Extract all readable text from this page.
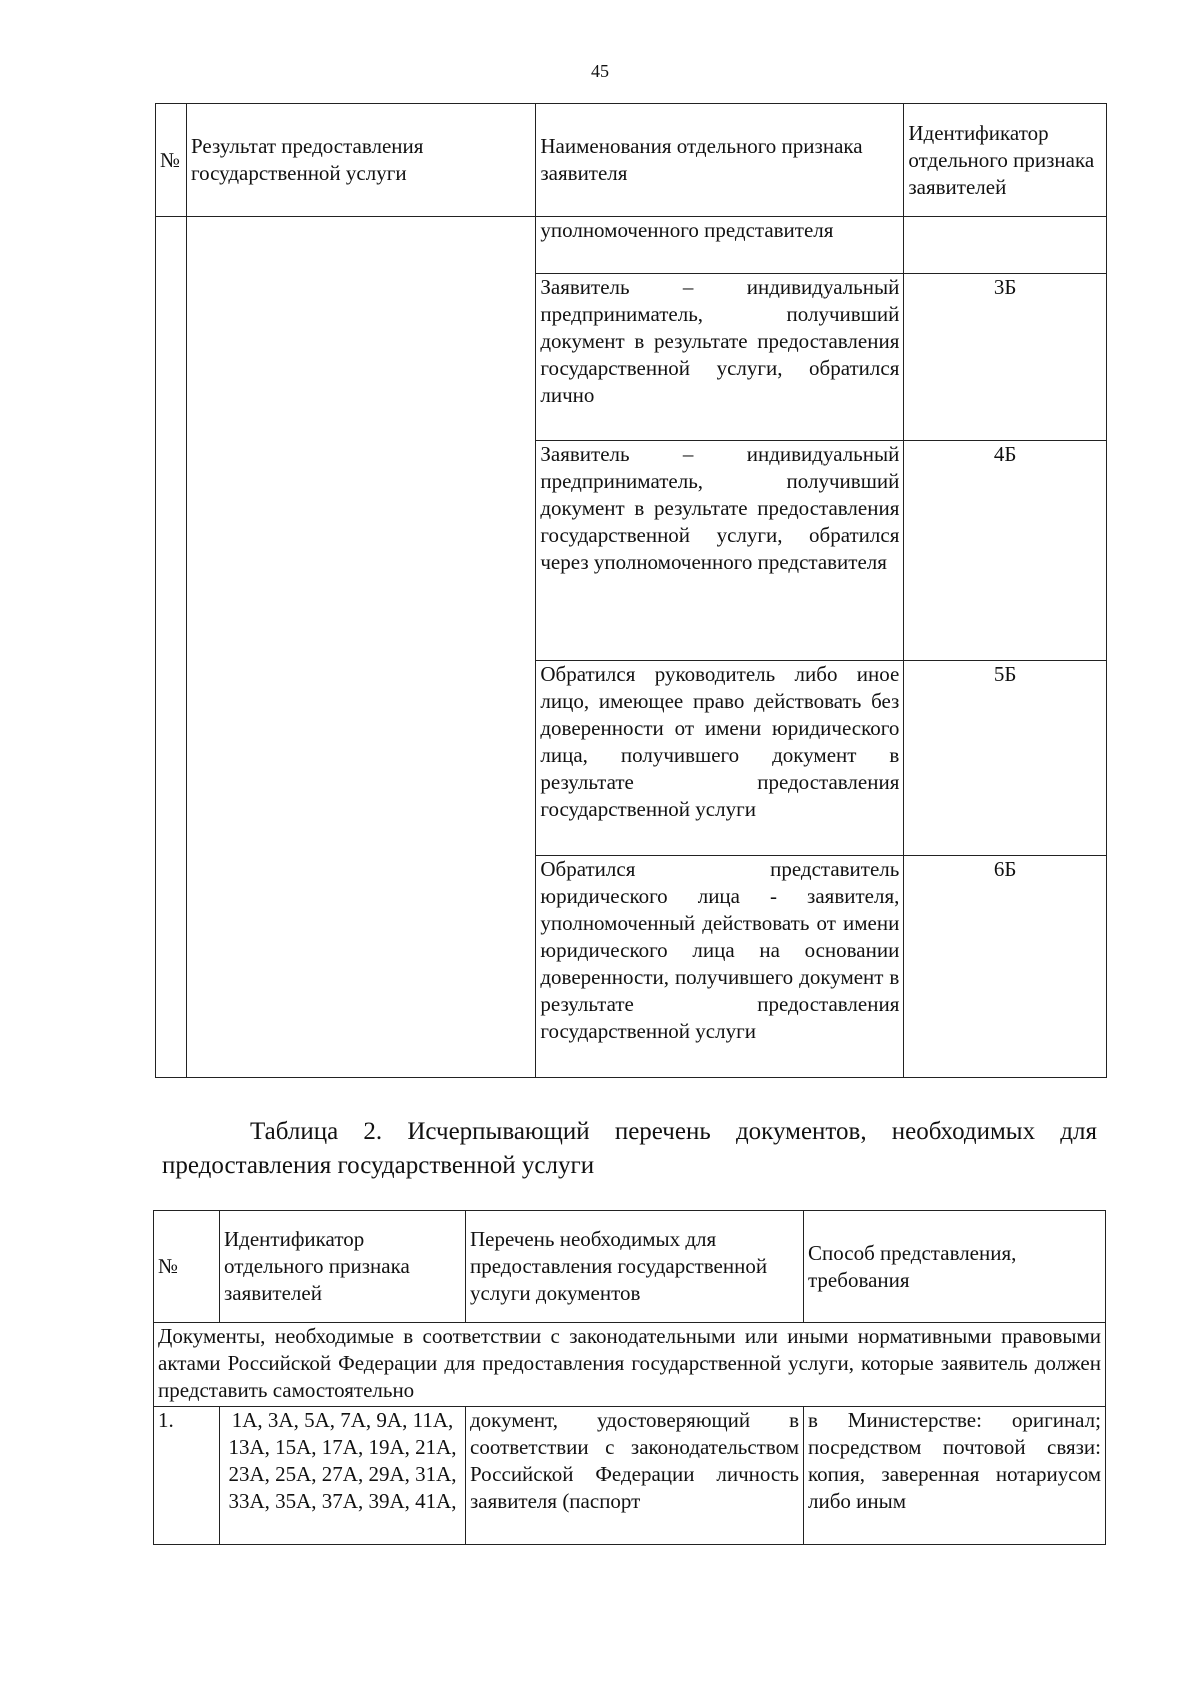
45
№	Результат предоставления государственной услуги	Наименования отдельного признака заявителя	Идентификатор отдельного признака заявителей
		уполномоченного представителя	
		Заявитель – индивидуальный предприниматель, получивший документ в результате предоставления государственной услуги, обратился лично	3Б
		Заявитель – индивидуальный предприниматель, получивший документ в результате предоставления государственной услуги, обратился через уполномоченного представителя	4Б
		Обратился руководитель либо иное лицо, имеющее право действовать без доверенности от имени юридического лица, получившего документ в результате предоставления государственной услуги	5Б
		Обратился представитель юридического лица - заявителя, уполномоченный действовать от имени юридического лица на основании доверенности, получившего документ в результате предоставления государственной услуги	6Б
Таблица 2. Исчерпывающий перечень документов, необходимых для предоставления государственной услуги
№	Идентификатор отдельного признака заявителей	Перечень необходимых для предоставления государственной услуги документов	Способ представления, требования
Документы, необходимые в соответствии с законодательными или иными нормативными правовыми актами Российской Федерации для предоставления государственной услуги, которые заявитель должен представить самостоятельно			
1.	1А, 3А, 5А, 7А, 9А, 11А, 13А, 15А, 17А, 19А, 21А, 23А, 25А, 27А, 29А, 31А, 33А, 35А, 37А, 39А, 41А,	документ, удостоверяющий в соответствии с законодательством Российской Федерации личность заявителя (паспорт	в Министерстве: оригинал; посредством почтовой связи: копия, заверенная нотариусом либо иным
